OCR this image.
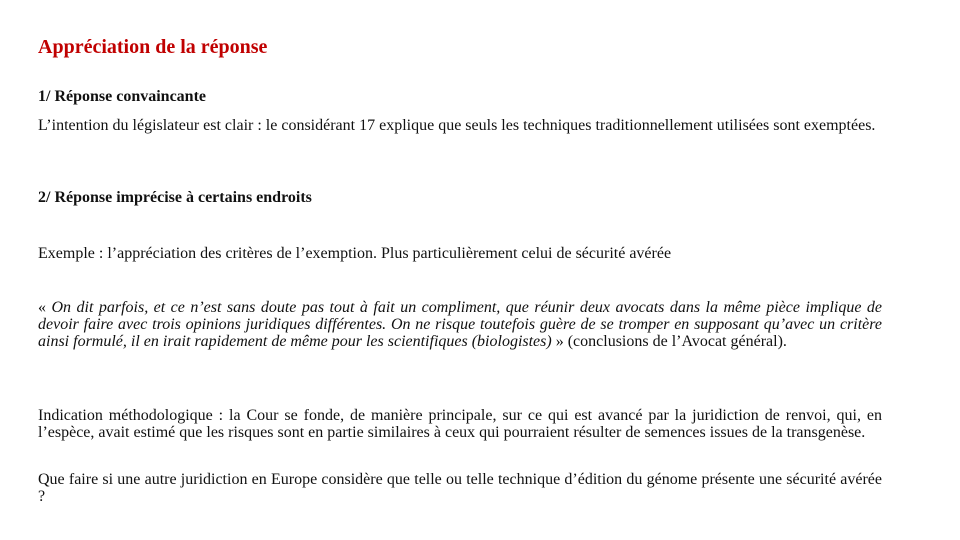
Appréciation de la réponse
1/ Réponse convaincante
L’intention du législateur est clair : le considérant 17 explique que seuls les techniques traditionnellement utilisées sont exemptées.
2/ Réponse imprécise à certains endroits
Exemple : l’appréciation des critères de l’exemption. Plus particulièrement celui de sécurité avérée
« On dit parfois, et ce n’est sans doute pas tout à fait un compliment, que réunir deux avocats dans la même pièce implique de devoir faire avec trois opinions juridiques différentes. On ne risque toutefois guère de se tromper en supposant qu’avec un critère ainsi formulé, il en irait rapidement de même pour les scientifiques (biologistes) » (conclusions de l’Avocat général).
Indication méthodologique : la Cour se fonde, de manière principale, sur ce qui est avancé par la juridiction de renvoi, qui, en l’espèce, avait estimé que les risques sont en partie similaires à ceux qui pourraient résulter de semences issues de la transgenèse.
Que faire si une autre juridiction en Europe considère que telle ou telle technique d’édition du génome présente une sécurité avérée ?
